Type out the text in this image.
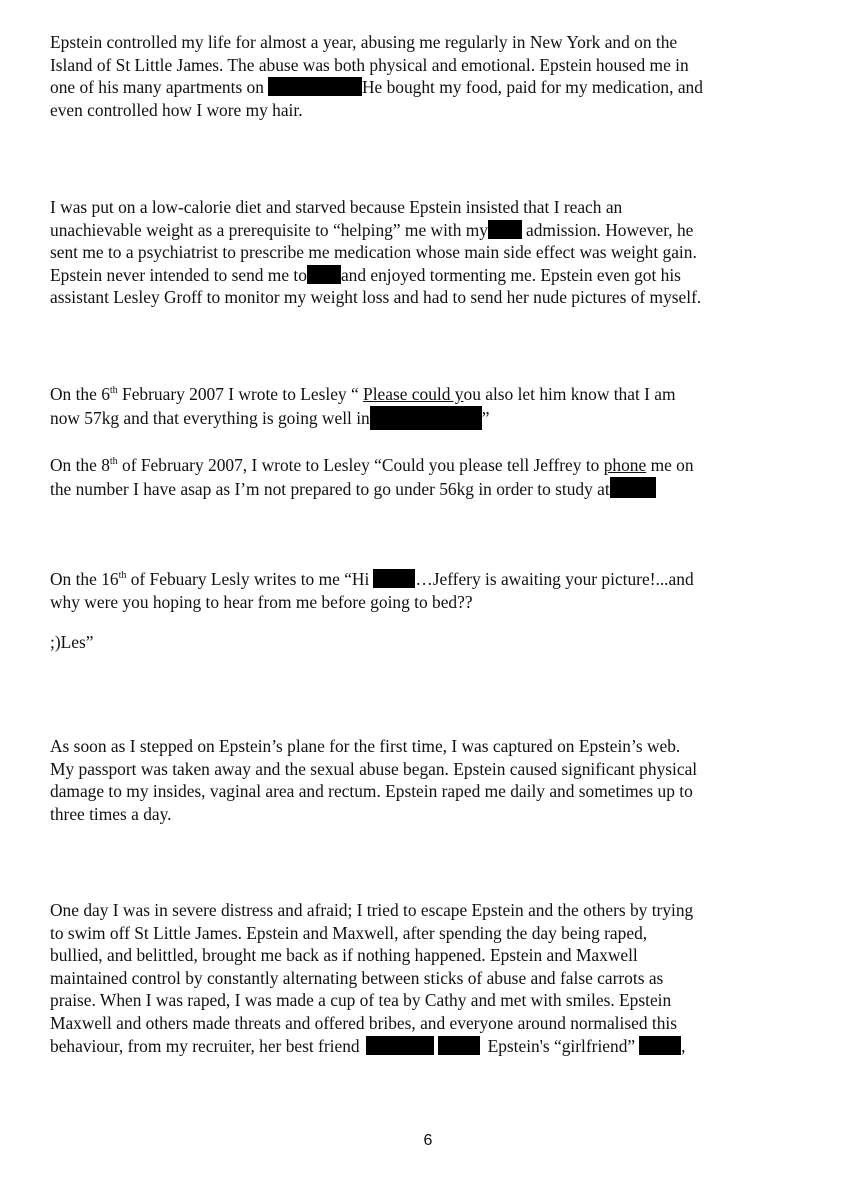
Epstein controlled my life for almost a year, abusing me regularly in New York and on the
Island of St Little James. The abuse was both physical and emotional. Epstein housed me in
one of his many apartments on	He bought my food, paid for my medication, and
even controlled how I wore my hair.

I was put on a low-calorie diet and starved because Epstein insisted that I reach an
unachievable weight as a prerequisite to “helping” me with my admission. However, he
sent me to a psychiatrist to prescribe me medication whose main side effect was weight gain.
Epstein never intended to send me to and enjoyed tormenting me. Epstein even got his
assistant Lesley Groff to monitor my weight loss and had to send her nude pictures of myself.

On the 6th February 2007 I wrote to Lesley “ Please could you also let him know that I am
now 57kg and that everything is going well in	”

On the 8th of February 2007, I wrote to Lesley “Could you please tell Jeffrey to phone me on
the number I have asap as I’m not prepared to go under 56kg in order to study at

On the 16th of Febuary Lesly writes to me “Hi	…Jeffery is awaiting your picture!...and
why were you hoping to hear from me before going to bed??

;)Les”

As soon as I stepped on Epstein’s plane for the first time, I was captured on Epstein’s web.
My passport was taken away and the sexual abuse began. Epstein caused significant physical
damage to my insides, vaginal area and rectum. Epstein raped me daily and sometimes up to
three times a day.

One day I was in severe distress and afraid; I tried to escape Epstein and the others by trying
to swim off St Little James. Epstein and Maxwell, after spending the day being raped,
bullied, and belittled, brought me back as if nothing happened. Epstein and Maxwell
maintained control by constantly alternating between sticks of abuse and false carrots as
praise. When I was raped, I was made a cup of tea by Cathy and met with smiles. Epstein
Maxwell and others made threats and offered bribes, and everyone around normalised this
behaviour, from my recruiter, her best friend	Epstein's “girlfriend”	,

6
